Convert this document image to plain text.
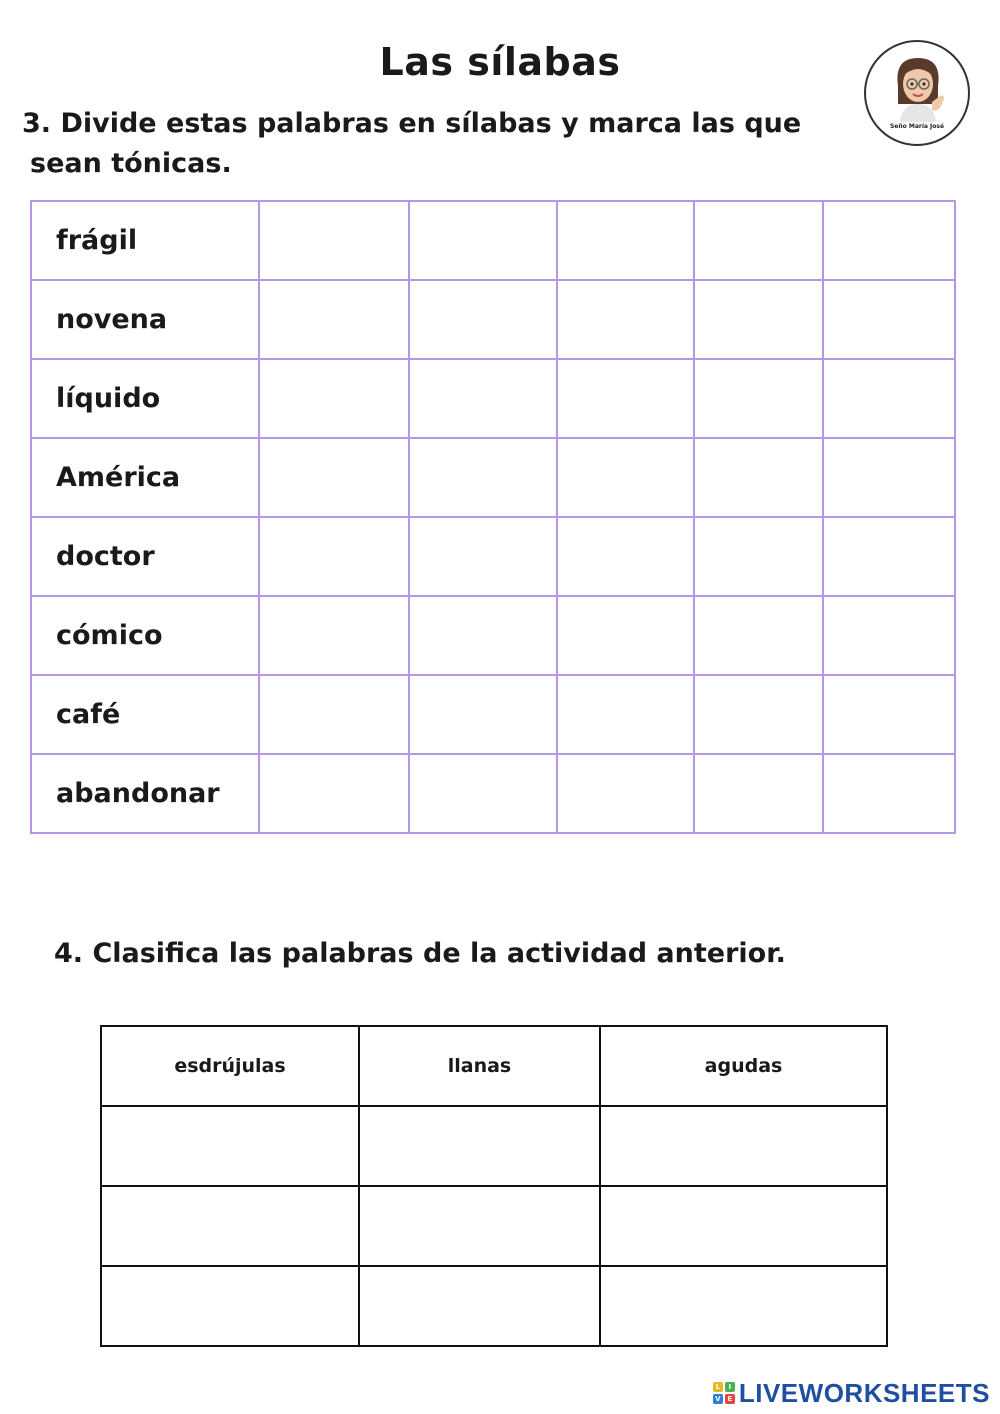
Las sílabas
Seño María José
3. Divide estas palabras en sílabas y marca las que
sean tónicas.
frágil					
novena					
líquido					
América					
doctor					
cómico					
café					
abandonar					
4. Clasifica las palabras de la actividad anterior.
esdrújulas	llanas	agudas

L	I
V E LIVEWORKSHEETS
